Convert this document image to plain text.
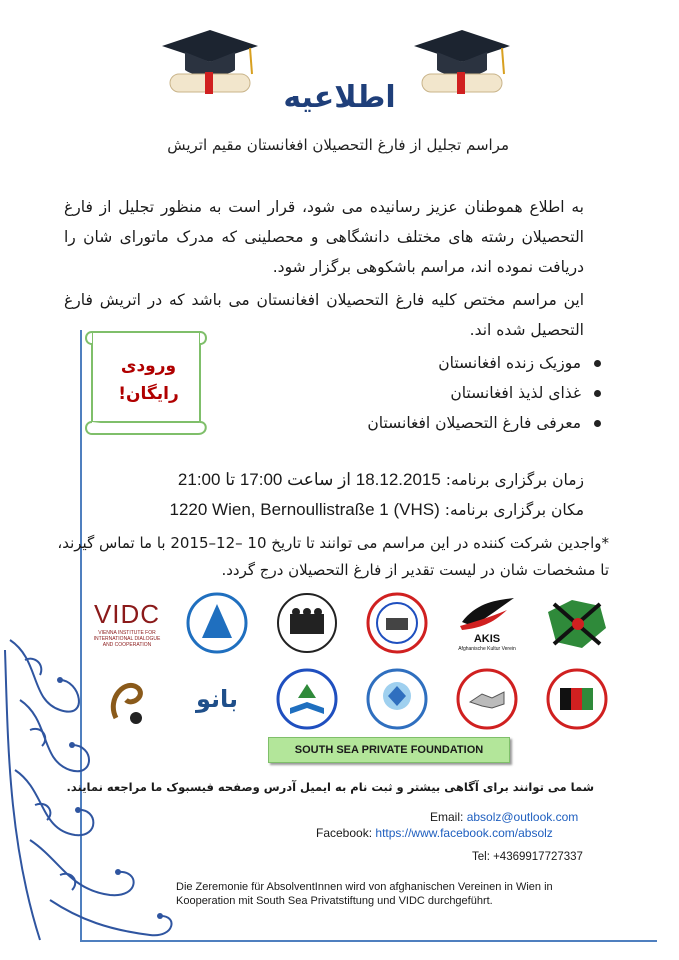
اطلاعیه
مراسم تجلیل از فارغ التحصیلان افغانستان مقیم اتریش
به اطلاع هموطنان عزیز رسانیده می شود، قرار است به منظور تجلیل از فارغ التحصیلان رشته های مختلف دانشگاهی و محصلینی که مدرک ماتورای شان را دریافت نموده اند، مراسم باشکوهی برگزار شود.
این مراسم مختص کلیه فارغ التحصیلان افغانستان می باشد که در اتریش فارغ التحصیل شده اند.
ورودی
رایگان!
موزیک زنده افغانستان
غذای لذیذ افغانستان
معرفی فارغ التحصیلان افغانستان
زمان برگزاری برنامه: 18.12.2015 از ساعت 17:00 تا 21:00
مکان برگزاری برنامه: (VHS) 1220 Wien, Bernoullistraße 1
*واجدین شرکت کننده در این مراسم می توانند تا تاریخ 10 –12–2015 با ما تماس گیرند، تا مشخصات شان در لیست تقدیر از فارغ التحصیلان درج گردد.
VIDC
VIENNA INSTITUTE FOR INTERNATIONAL DIALOGUE AND COOPERATION	AKIS
Afghanische Kultur Verein
بانو
SOUTH SEA PRIVATE FOUNDATION
شما می توانند برای آگاهی بیشتر و ثبت نام به ایمیل آدرس وصفحه فیسبوک ما مراجعه نمایند.
Email: absolz@outlook.com
Facebook: https://www.facebook.com/absolz
Tel: +4369917727337
Die Zeremonie für AbsolventInnen wird von afghanischen Vereinen in Wien in Kooperation mit South Sea Privatstiftung und VIDC durchgeführt.
